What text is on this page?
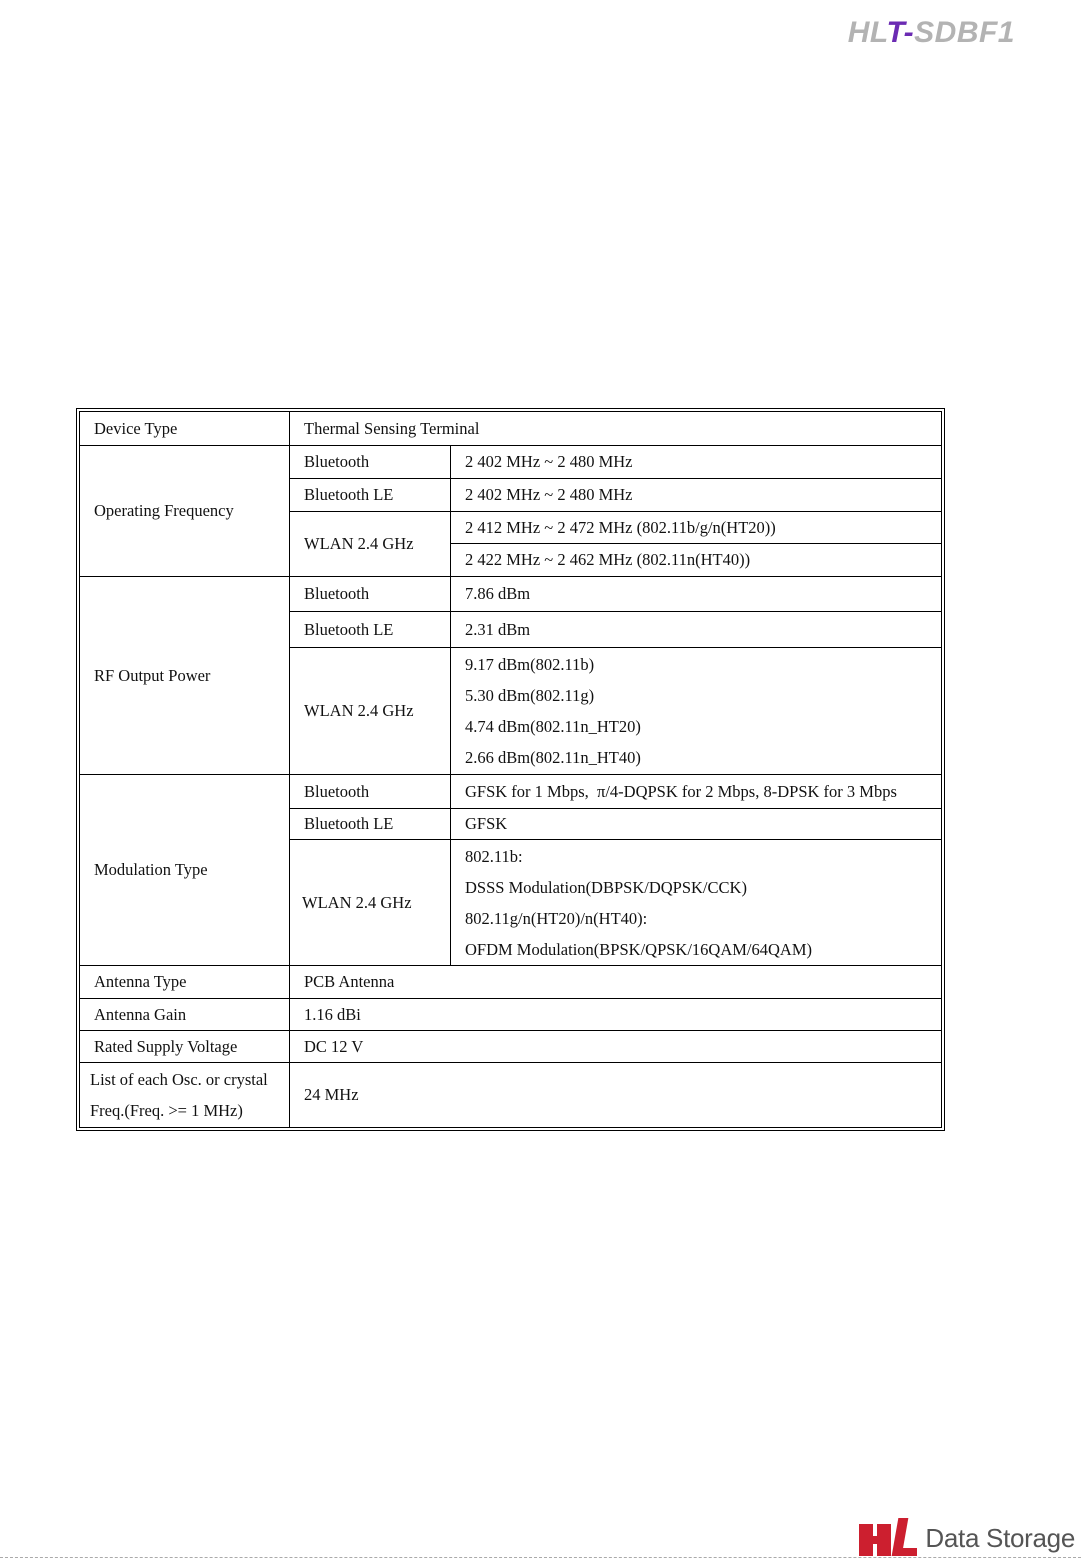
HLT-SDBF1
Device Type	Thermal Sensing Terminal	
Operating Frequency	Bluetooth	2 402 MHz ~ 2 480 MHz
	Bluetooth LE	2 402 MHz ~ 2 480 MHz
	WLAN 2.4 GHz	2 412 MHz ~ 2 472 MHz (802.11b/g/n(HT20))
		2 422 MHz ~ 2 462 MHz (802.11n(HT40))
RF Output Power	Bluetooth	7.86 dBm
	Bluetooth LE	2.31 dBm
	WLAN 2.4 GHz	9.17 dBm(802.11b)
5.30 dBm(802.11g)
4.74 dBm(802.11n_HT20)
2.66 dBm(802.11n_HT40)

Modulation Type	Bluetooth	GFSK for 1 Mbps,  π/4-DQPSK for 2 Mbps, 8-DPSK for 3 Mbps
	Bluetooth LE	GFSK
	WLAN 2.4 GHz	802.11b:
DSSS Modulation(DBPSK/DQPSK/CCK)
802.11g/n(HT20)/n(HT40):
OFDM Modulation(BPSK/QPSK/16QAM/64QAM)

Antenna Type	PCB Antenna	
Antenna Gain	1.16 dBi	
Rated Supply Voltage	DC 12 V	

List of each Osc. or crystal
Freq.(Freq. >= 1 MHz)	24 MHz	
Data Storage
